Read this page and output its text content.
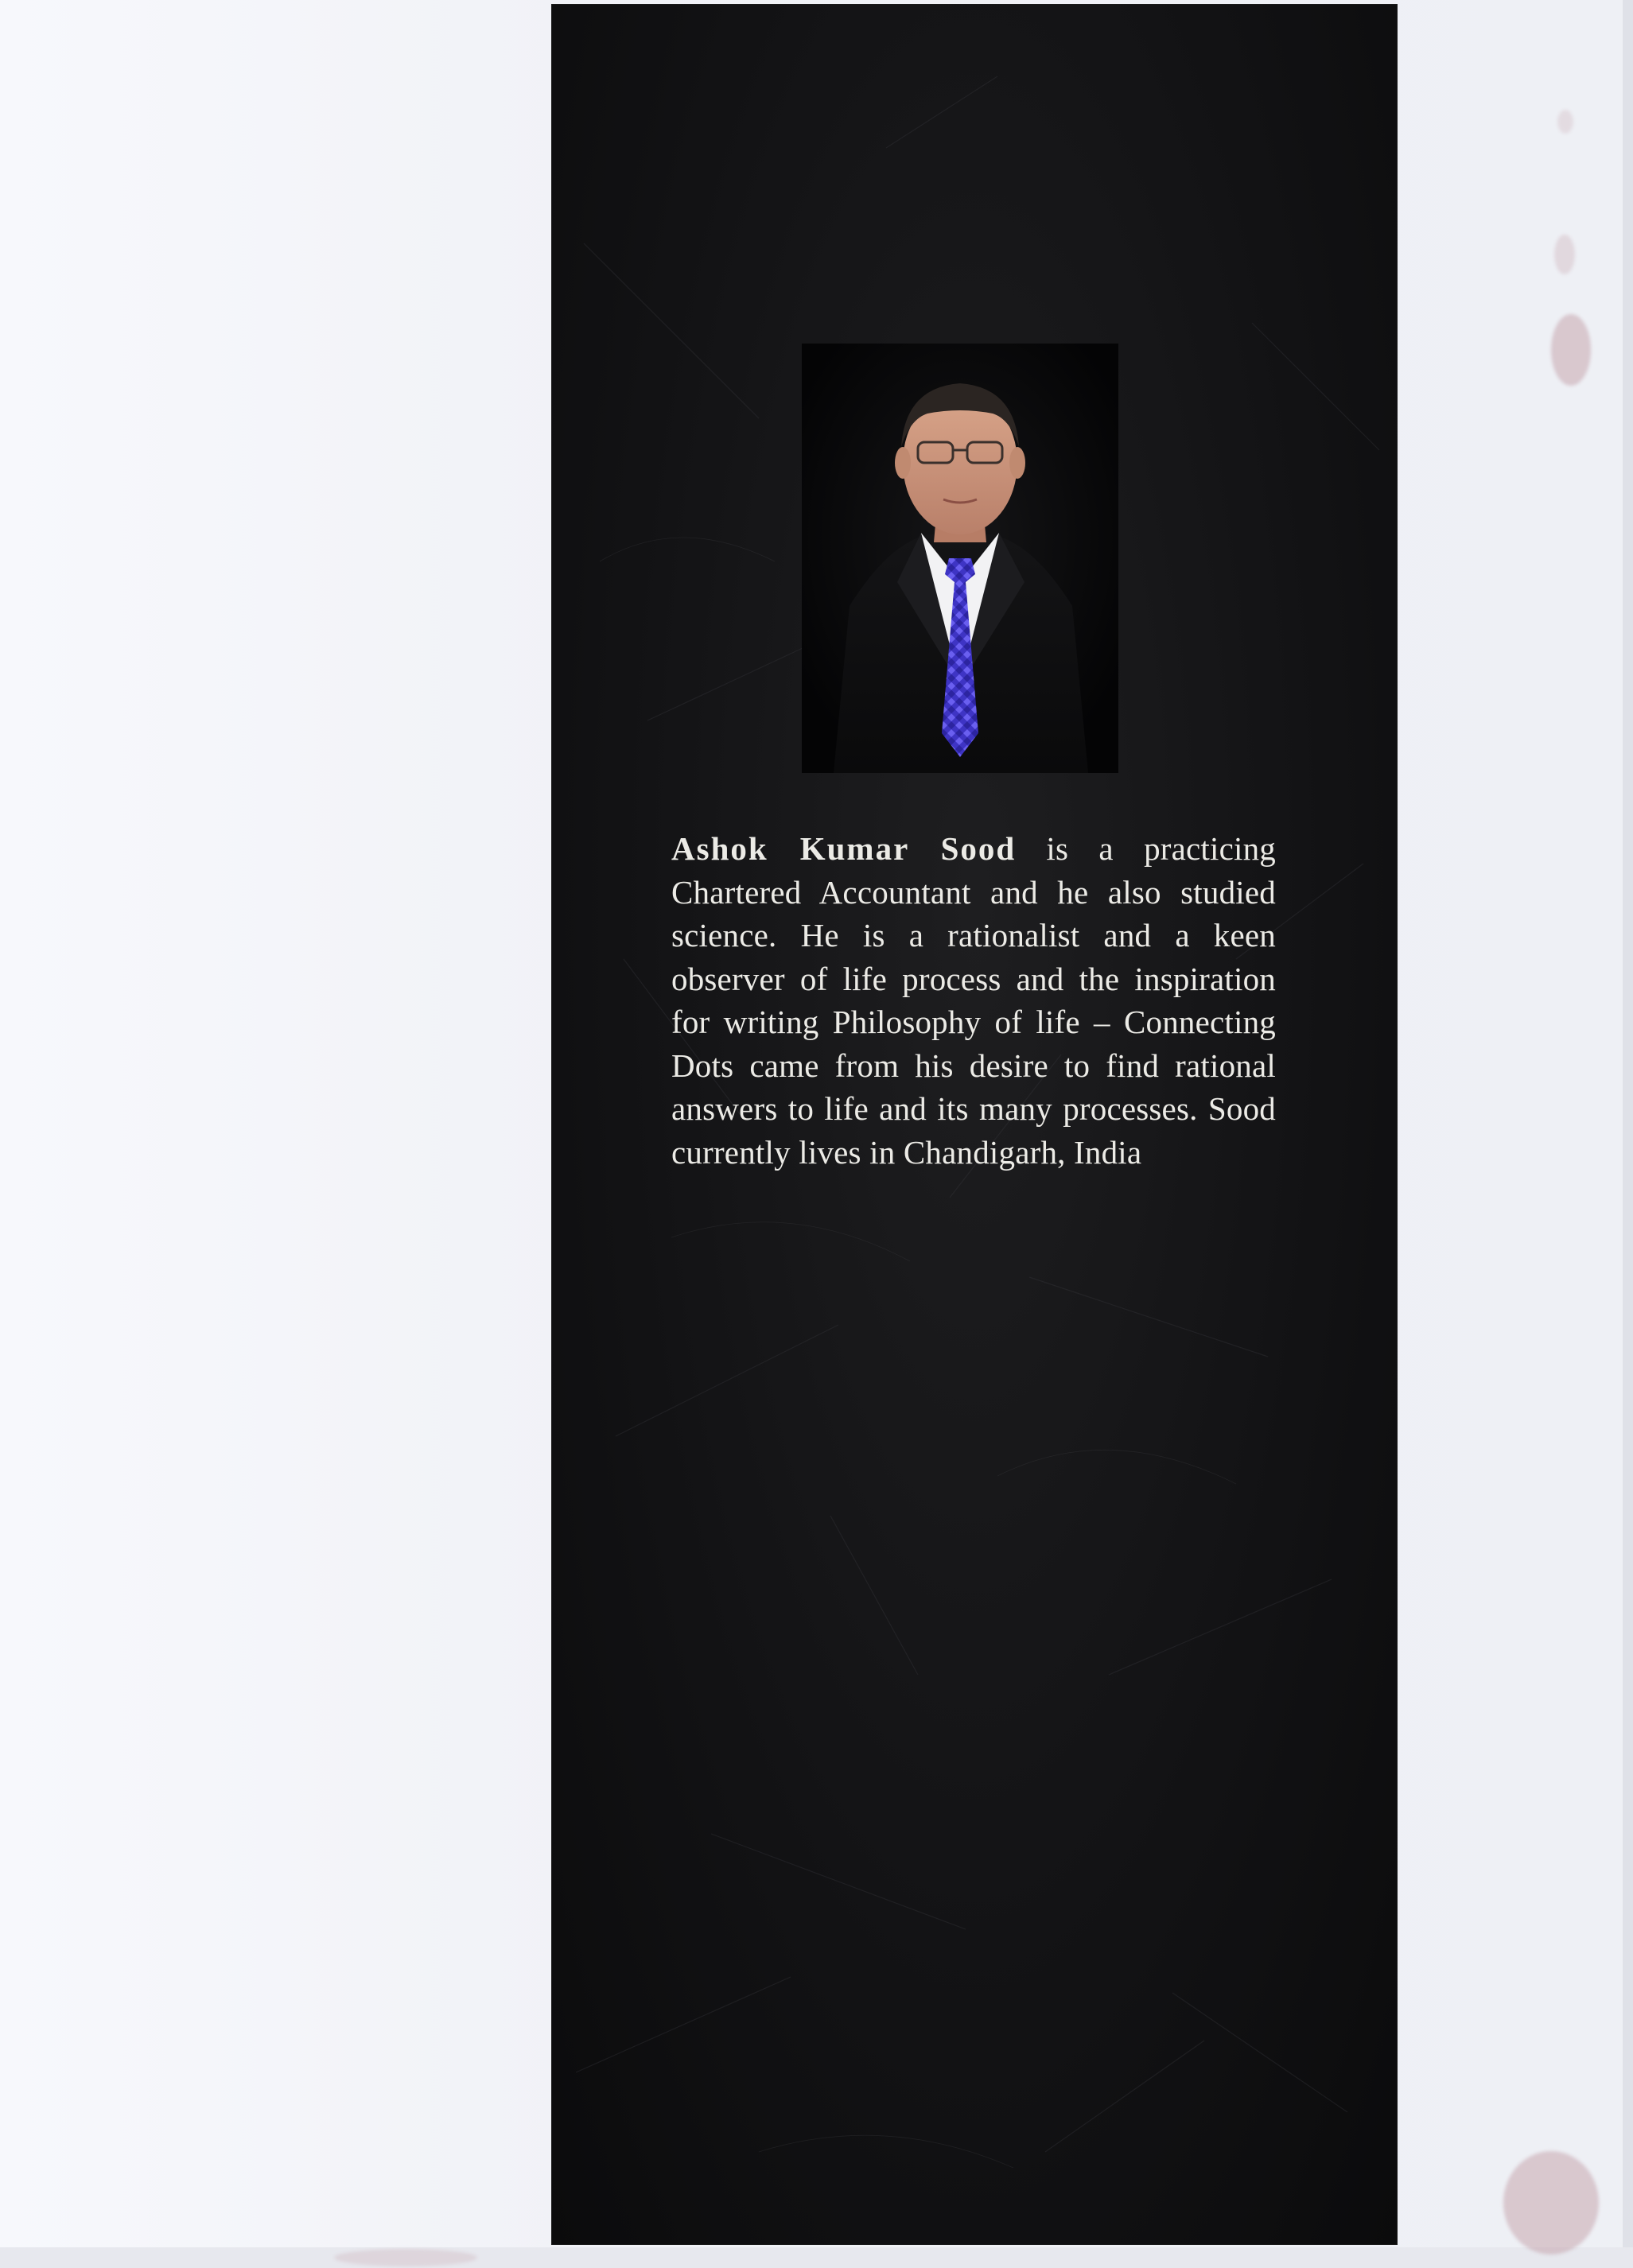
Ashok Kumar Sood is a practicing Chartered Accountant and he also studied science. He is a rationalist and a keen observer of life process and the inspiration for writing Philosophy of life – Connecting Dots came from his desire to find rational answers to life and its many processes. Sood currently lives in Chandigarh, India
